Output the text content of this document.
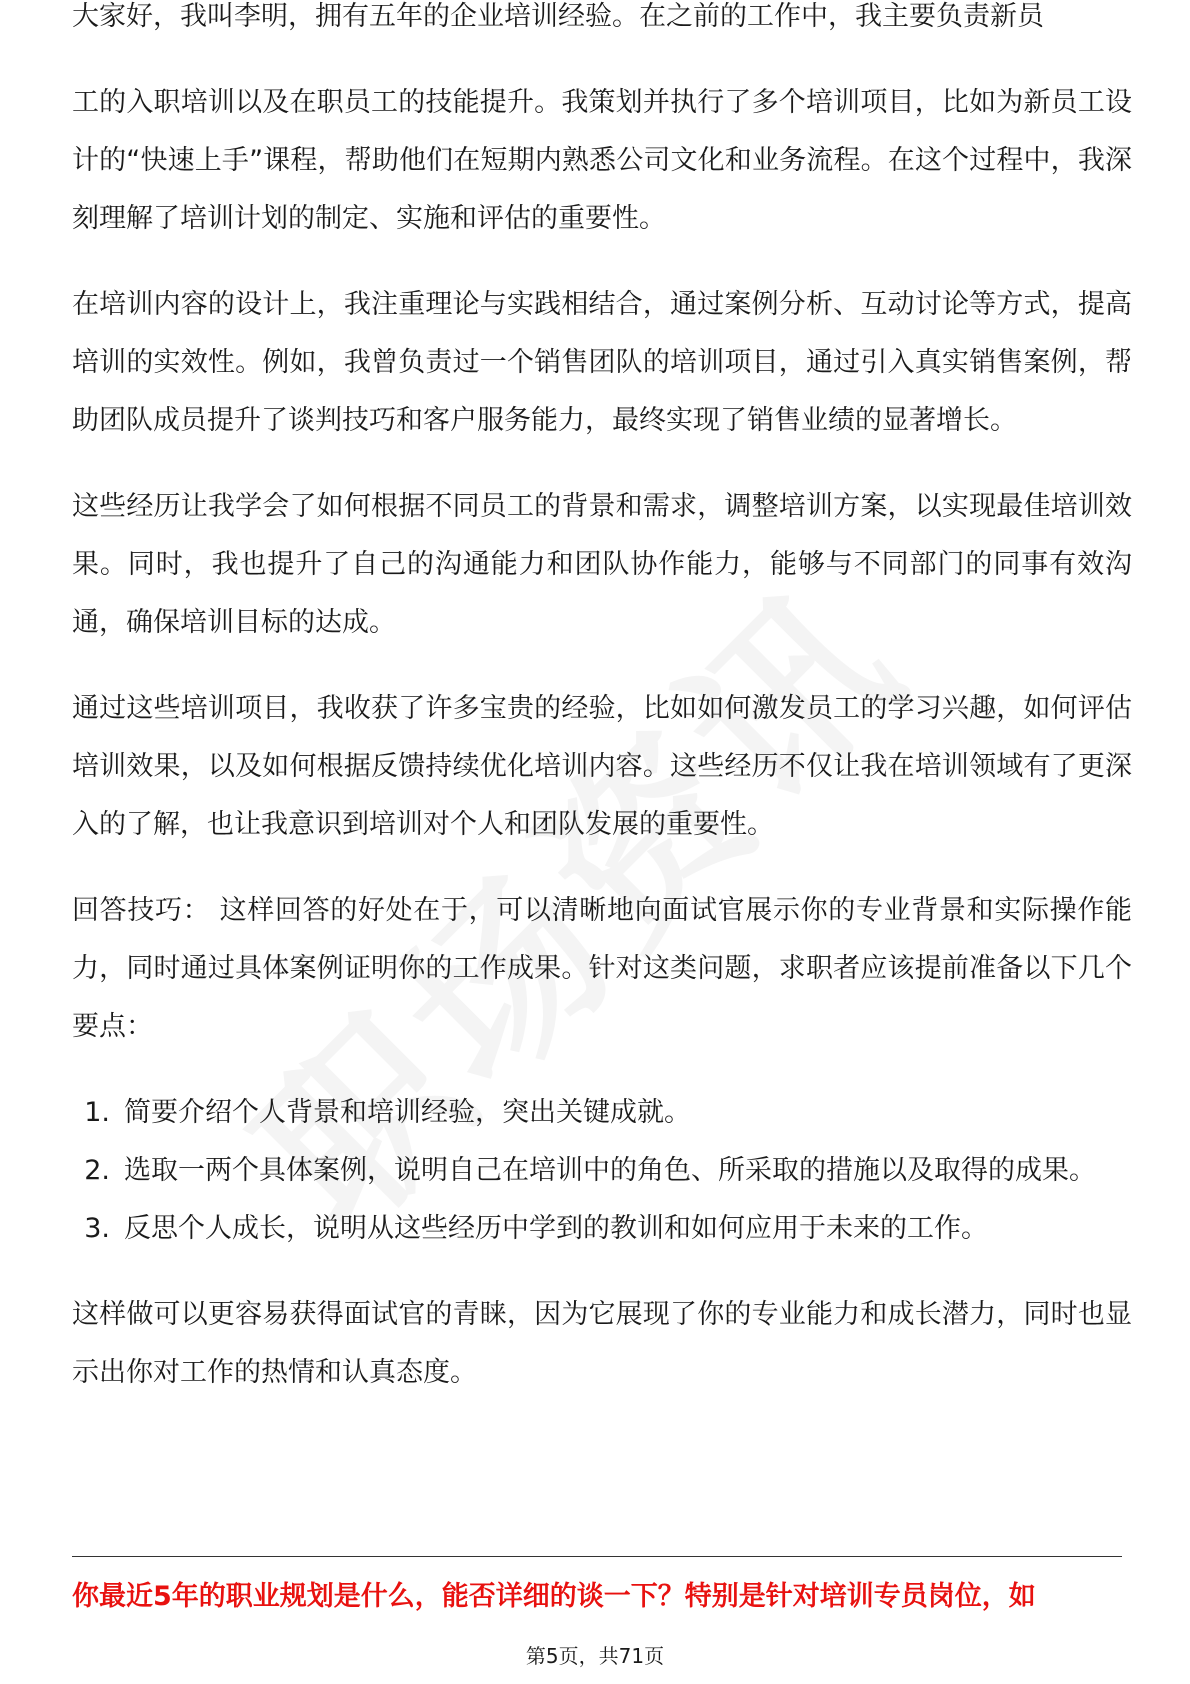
大家好，我叫李明，拥有五年的企业培训经验。在之前的工作中，我主要负责新员

工的入职培训以及在职员工的技能提升。我策划并执行了多个培训项目，比如为新员工设计的“快速上手”课程，帮助他们在短期内熟悉公司文化和业务流程。在这个过程中，我深刻理解了培训计划的制定、实施和评估的重要性。

在培训内容的设计上，我注重理论与实践相结合，通过案例分析、互动讨论等方式，提高培训的实效性。例如，我曾负责过一个销售团队的培训项目，通过引入真实销售案例，帮助团队成员提升了谈判技巧和客户服务能力，最终实现了销售业绩的显著增长。

这些经历让我学会了如何根据不同员工的背景和需求，调整培训方案，以实现最佳培训效果。同时，我也提升了自己的沟通能力和团队协作能力，能够与不同部门的同事有效沟通，确保培训目标的达成。

通过这些培训项目，我收获了许多宝贵的经验，比如如何激发员工的学习兴趣，如何评估培训效果，以及如何根据反馈持续优化培训内容。这些经历不仅让我在培训领域有了更深入的了解，也让我意识到培训对个人和团队发展的重要性。

回答技巧： 这样回答的好处在于，可以清晰地向面试官展示你的专业背景和实际操作能力，同时通过具体案例证明你的工作成果。针对这类问题，求职者应该提前准备以下几个要点：

1. 简要介绍个人背景和培训经验，突出关键成就。
2. 选取一两个具体案例，说明自己在培训中的角色、所采取的措施以及取得的成果。
3. 反思个人成长，说明从这些经历中学到的教训和如何应用于未来的工作。

这样做可以更容易获得面试官的青睐，因为它展现了你的专业能力和成长潜力，同时也显示出你对工作的热情和认真态度。

你最近5年的职业规划是什么，能否详细的谈一下？特别是针对培训专员岗位，如
第5页，共71页
